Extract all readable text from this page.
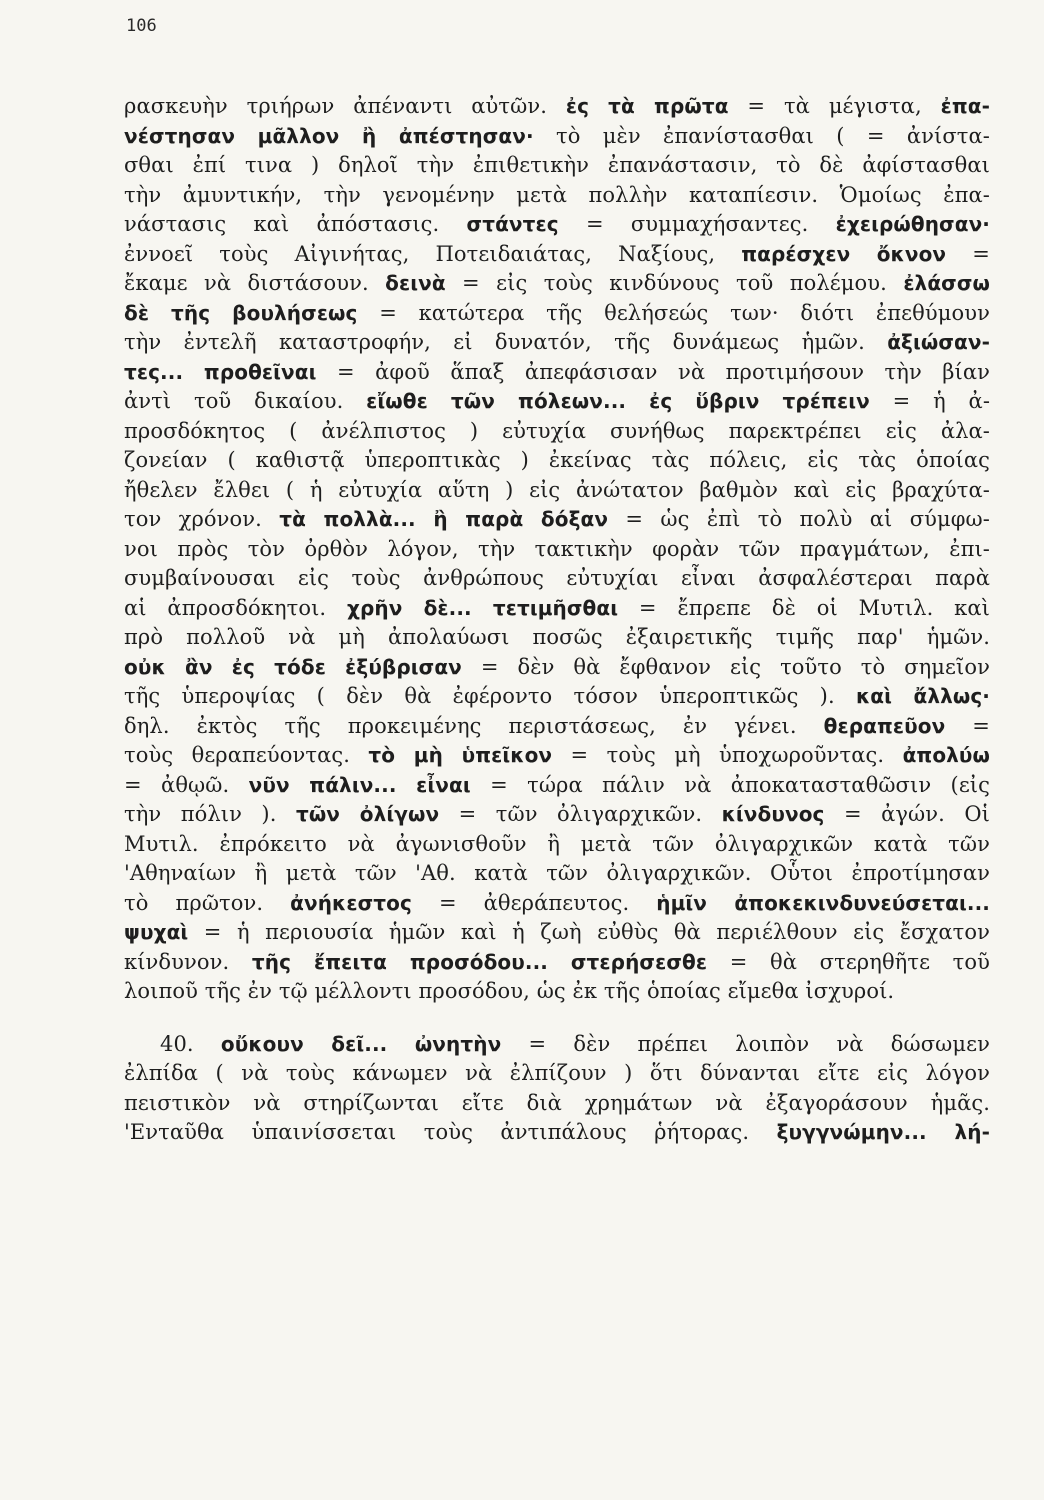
106
ρασκευὴν τριήρων ἀπέναντι αὐτῶν. ἐς τὰ πρῶτα = τὰ μέγιστα, ἐπα-
νέστησαν μᾶλλον ἢ ἀπέστησαν· τὸ μὲν ἐπανίστασθαι ( = ἀνίστα-
σθαι ἐπί τινα ) δηλοῖ τὴν ἐπιθετικὴν ἐπανάστασιν, τὸ δὲ ἀφίστασθαι
τὴν ἀμυντικήν, τὴν γενομένην μετὰ πολλὴν καταπίεσιν. Ὁμοίως ἐπα-
νάστασις καὶ ἀπόστασις. στάντες = συμμαχήσαντες. ἐχειρώθησαν·
ἐννοεῖ τοὺς Αἰγινήτας, Ποτειδαιάτας, Ναξίους, παρέσχεν ὄκνον =
ἔκαμε νὰ διστάσουν. δεινὰ = εἰς τοὺς κινδύνους τοῦ πολέμου. ἐλάσσω
δὲ τῆς βουλήσεως = κατώτερα τῆς θελήσεώς των· διότι ἐπεθύμουν
τὴν ἐντελῆ καταστροφήν, εἰ δυνατόν, τῆς δυνάμεως ἡμῶν. ἀξιώσαν-
τες... προθεῖναι = ἀφοῦ ἅπαξ ἀπεφάσισαν νὰ προτιμήσουν τὴν βίαν
ἀντὶ τοῦ δικαίου. εἴωθε τῶν πόλεων... ἐς ὕβριν τρέπειν = ἡ ἀ-
προσδόκητος ( ἀνέλπιστος ) εὐτυχία συνήθως παρεκτρέπει εἰς ἀλα-
ζονείαν ( καθιστᾷ ὑπεροπτικὰς ) ἐκείνας τὰς πόλεις, εἰς τὰς ὁποίας
ἤθελεν ἔλθει ( ἡ εὐτυχία αὕτη ) εἰς ἀνώτατον βαθμὸν καὶ εἰς βραχύτα-
τον χρόνον. τὰ πολλὰ... ἢ παρὰ δόξαν = ὡς ἐπὶ τὸ πολὺ αἱ σύμφω-
νοι πρὸς τὸν ὀρθὸν λόγον, τὴν τακτικὴν φορὰν τῶν πραγμάτων, ἐπι-
συμβαίνουσαι εἰς τοὺς ἀνθρώπους εὐτυχίαι εἶναι ἀσφαλέστεραι παρὰ
αἱ ἀπροσδόκητοι. χρῆν δὲ... τετιμῆσθαι = ἔπρεπε δὲ οἱ Μυτιλ. καὶ
πρὸ πολλοῦ νὰ μὴ ἀπολαύωσι ποσῶς ἐξαιρετικῆς τιμῆς παρ' ἡμῶν.
οὐκ ἂν ἐς τόδε ἐξύβρισαν = δὲν θὰ ἔφθανον εἰς τοῦτο τὸ σημεῖον
τῆς ὑπεροψίας ( δὲν θὰ ἐφέροντο τόσον ὑπεροπτικῶς ). καὶ ἄλλως·
δηλ. ἐκτὸς τῆς προκειμένης περιστάσεως, ἐν γένει. θεραπεῦον =
τοὺς θεραπεύοντας. τὸ μὴ ὑπεῖκον = τοὺς μὴ ὑποχωροῦντας. ἀπολύω
= ἀθῳῶ. νῦν πάλιν... εἶναι = τώρα πάλιν νὰ ἀποκατασταθῶσιν (εἰς
τὴν πόλιν ). τῶν ὀλίγων = τῶν ὀλιγαρχικῶν. κίνδυνος = ἀγών. Οἱ
Μυτιλ. ἐπρόκειτο νὰ ἀγωνισθοῦν ἢ μετὰ τῶν ὀλιγαρχικῶν κατὰ τῶν
'Αθηναίων ἢ μετὰ τῶν 'Αθ. κατὰ τῶν ὀλιγαρχικῶν. Οὗτοι ἐπροτίμησαν
τὸ πρῶτον. ἀνήκεστος = ἀθεράπευτος. ἡμῖν ἀποκεκινδυνεύσεται...
ψυχαὶ = ἡ περιουσία ἡμῶν καὶ ἡ ζωὴ εὐθὺς θὰ περιέλθουν εἰς ἔσχατον
κίνδυνον. τῆς ἔπειτα προσόδου... στερήσεσθε = θὰ στερηθῆτε τοῦ
λοιποῦ τῆς ἐν τῷ μέλλοντι προσόδου, ὡς ἐκ τῆς ὁποίας εἴμεθα ἰσχυροί.
40. οὔκουν δεῖ... ὠνητὴν = δὲν πρέπει λοιπὸν νὰ δώσωμεν
ἐλπίδα ( νὰ τοὺς κάνωμεν νὰ ἐλπίζουν ) ὅτι δύνανται εἴτε εἰς λόγον
πειστικὸν νὰ στηρίζωνται εἴτε διὰ χρημάτων νὰ ἐξαγοράσουν ἡμᾶς.
'Ενταῦθα ὑπαινίσσεται τοὺς ἀντιπάλους ῥήτορας. ξυγγνώμην... λή-
